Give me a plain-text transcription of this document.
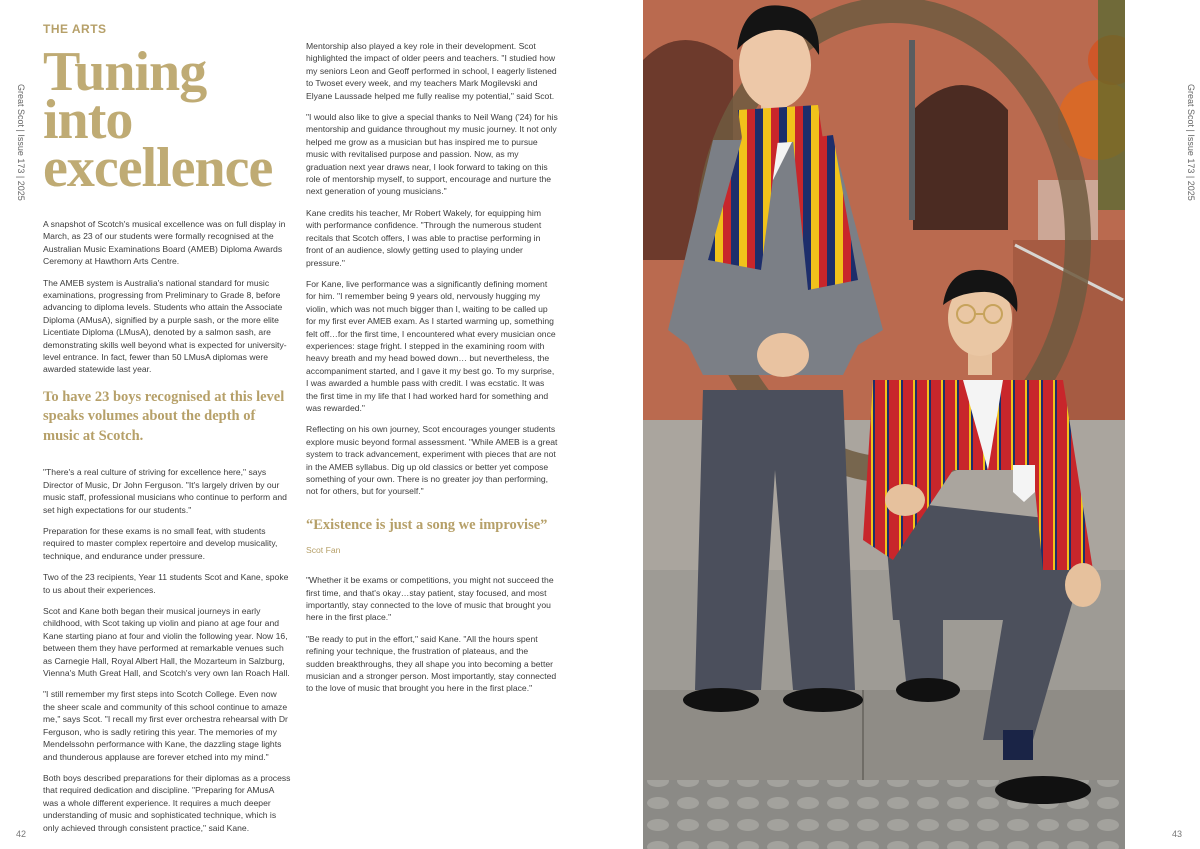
Great Scot | Issue 173 | 2025	Great Scot | Issue 173 | 2025
42	43
THE ARTS
Tuning
into
excellence

A snapshot of Scotch's musical excellence was on full display in March, as 23 of our students were formally recognised at the Australian Music Examinations Board (AMEB) Diploma Awards Ceremony at Hawthorn Arts Centre.

The AMEB system is Australia's national standard for music examinations, progressing from Preliminary to Grade 8, before advancing to diploma levels. Students who attain the Associate Diploma (AMusA), signified by a purple sash, or the more elite Licentiate Diploma (LMusA), denoted by a salmon sash, are demonstrating skills well beyond what is expected for university-level entrance. In fact, fewer than 50 LMusA diplomas were awarded statewide last year.

To have 23 boys recognised at this level speaks volumes about the depth of music at Scotch.

"There's a real culture of striving for excellence here," says Director of Music, Dr John Ferguson. "It's largely driven by our music staff, professional musicians who continue to perform and set high expectations for our students."

Preparation for these exams is no small feat, with students required to master complex repertoire and develop musicality, technique, and endurance under pressure.

Two of the 23 recipients, Year 11 students Scot and Kane, spoke to us about their experiences.

Scot and Kane both began their musical journeys in early childhood, with Scot taking up violin and piano at age four and Kane starting piano at four and violin the following year. Now 16, between them they have performed at remarkable venues such as Carnegie Hall, Royal Albert Hall, the Mozarteum in Salzburg, Vienna's Muth Great Hall, and Scotch's very own Ian Roach Hall.

"I still remember my first steps into Scotch College. Even now the sheer scale and community of this school continue to amaze me," says Scot. "I recall my first ever orchestra rehearsal with Dr Ferguson, who is sadly retiring this year. The memories of my Mendelssohn performance with Kane, the dazzling stage lights and thunderous applause are forever etched into my mind."

Both boys described preparations for their diplomas as a process that required dedication and discipline. "Preparing for AMusA was a whole different experience. It requires a much deeper understanding of music and sophisticated technique, which is only achieved through consistent practice," said Kane.

Mentorship also played a key role in their development. Scot highlighted the impact of older peers and teachers. "I studied how my seniors Leon and Geoff performed in school, I eagerly listened to Twoset every week, and my teachers Mark Mogilevski and Elyane Laussade helped me fully realise my potential," said Scot.

"I would also like to give a special thanks to Neil Wang ('24) for his mentorship and guidance throughout my music journey. It not only helped me grow as a musician but has inspired me to pursue music with revitalised purpose and passion. Now, as my graduation next year draws near, I look forward to taking on this role of mentorship myself, to support, encourage and nurture the next generation of young musicians."

Kane credits his teacher, Mr Robert Wakely, for equipping him with performance confidence. "Through the numerous student recitals that Scotch offers, I was able to practise performing in front of an audience, slowly getting used to playing under pressure."

For Kane, live performance was a significantly defining moment for him. "I remember being 9 years old, nervously hugging my violin, which was not much bigger than I, waiting to be called up for my first ever AMEB exam. As I started warming up, something felt off…for the first time, I encountered what every musician once experiences: stage fright. I stepped in the examining room with heavy breath and my head bowed down… but nevertheless, the accompaniment started, and I gave it my best go. To my surprise, I was awarded a humble pass with credit. I was ecstatic. It was the first time in my life that I had worked hard for something and was rewarded."

Reflecting on his own journey, Scot encourages younger students explore music beyond formal assessment. "While AMEB is a great system to track advancement, experiment with pieces that are not in the AMEB syllabus. Dig up old classics or better yet compose something of your own. There is no greater joy than performing, not for others, but for yourself."

“Existence is just a song we improvise”
Scot Fan

"Whether it be exams or competitions, you might not succeed the first time, and that's okay…stay patient, stay focused, and most importantly, stay connected to the love of music that brought you here in the first place."

"Be ready to put in the effort," said Kane. "All the hours spent refining your technique, the frustration of plateaus, and the sudden breakthroughs, they all shape you into becoming a better musician and a stronger person. Most importantly, stay connected to the love of music that brought you here in the first place."
